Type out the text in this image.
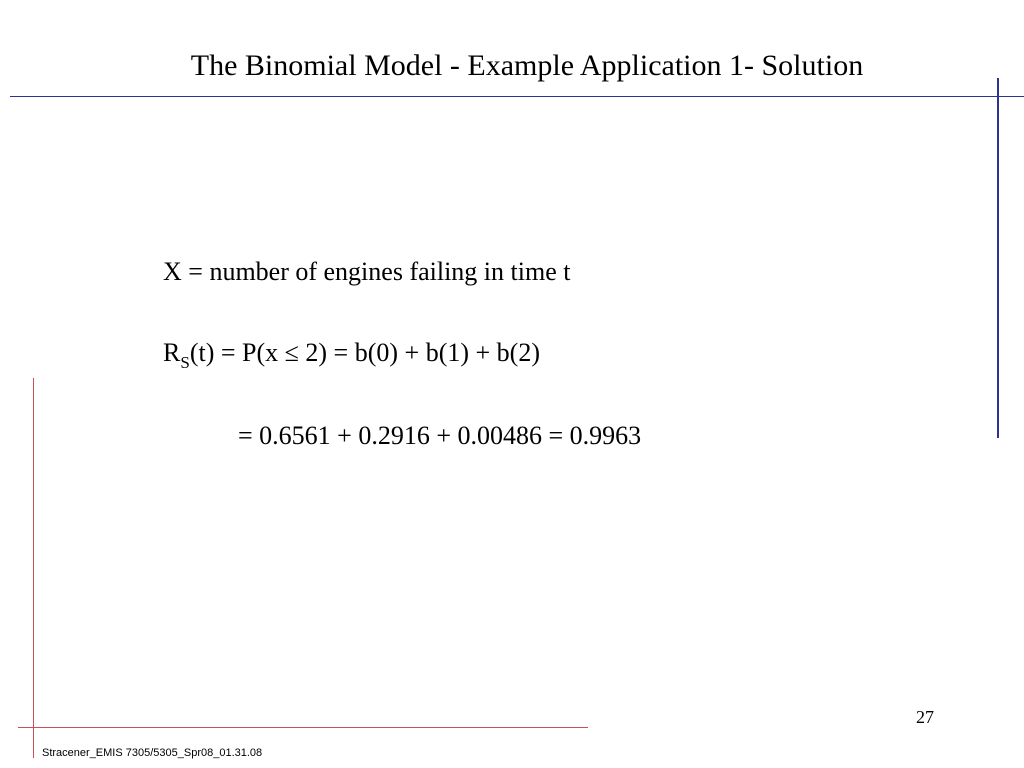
The Binomial Model - Example Application 1- Solution
X = number of engines failing in time t
$R_S(t) = P(x \le 2) = b(0) + b(1) + b(2)$
= 0.6561 + 0.2916 + 0.00486 = 0.9963
27
Stracener_EMIS 7305/5305_Spr08_01.31.08
